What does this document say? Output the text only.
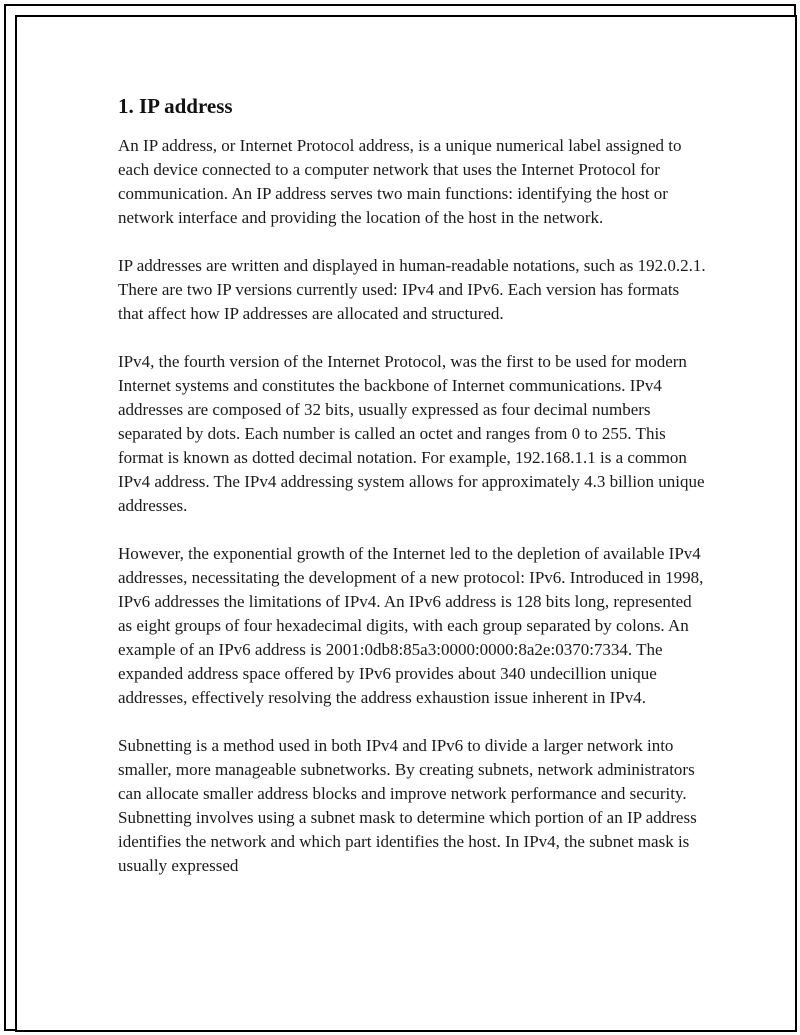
1. IP address

An IP address, or Internet Protocol address, is a unique numerical label assigned to each device connected to a computer network that uses the Internet Protocol for communication. An IP address serves two main functions: identifying the host or network interface and providing the location of the host in the network.

IP addresses are written and displayed in human-readable notations, such as 192.0.2.1. There are two IP versions currently used: IPv4 and IPv6. Each version has formats that affect how IP addresses are allocated and structured.

IPv4, the fourth version of the Internet Protocol, was the first to be used for modern Internet systems and constitutes the backbone of Internet communications. IPv4 addresses are composed of 32 bits, usually expressed as four decimal numbers separated by dots. Each number is called an octet and ranges from 0 to 255. This format is known as dotted decimal notation. For example, 192.168.1.1 is a common IPv4 address. The IPv4 addressing system allows for approximately 4.3 billion unique addresses.

However, the exponential growth of the Internet led to the depletion of available IPv4 addresses, necessitating the development of a new protocol: IPv6. Introduced in 1998, IPv6 addresses the limitations of IPv4. An IPv6 address is 128 bits long, represented as eight groups of four hexadecimal digits, with each group separated by colons. An example of an IPv6 address is 2001:0db8:85a3:0000:0000:8a2e:0370:7334. The expanded address space offered by IPv6 provides about 340 undecillion unique addresses, effectively resolving the address exhaustion issue inherent in IPv4.

Subnetting is a method used in both IPv4 and IPv6 to divide a larger network into smaller, more manageable subnetworks. By creating subnets, network administrators can allocate smaller address blocks and improve network performance and security. Subnetting involves using a subnet mask to determine which portion of an IP address identifies the network and which part identifies the host. In IPv4, the subnet mask is usually expressed
